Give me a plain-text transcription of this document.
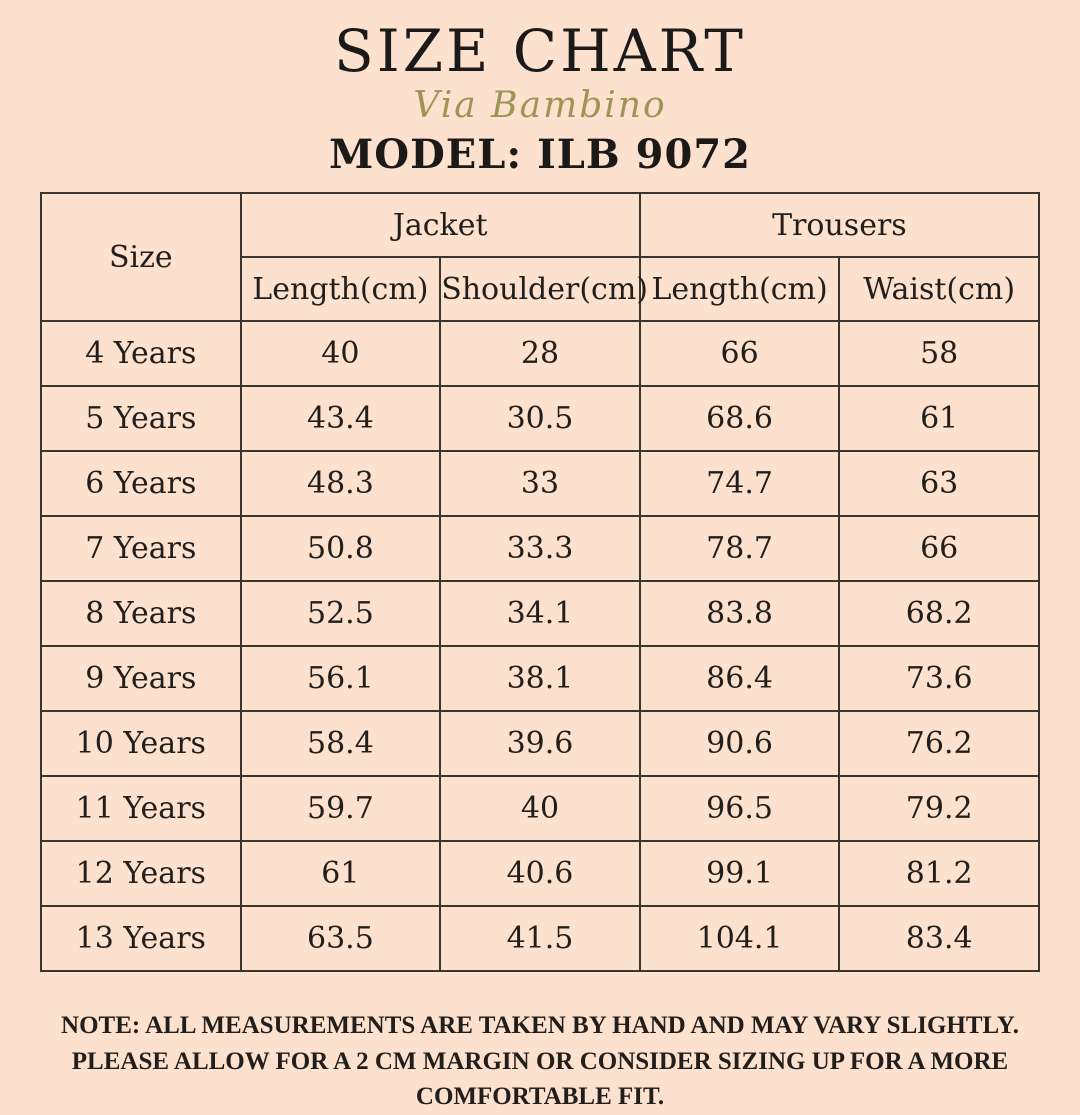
SIZE CHART
Via Bambino
MODEL: ILB 9072
Size	Jacket		Trousers	
	Length(cm)	Shoulder(cm)	Length(cm)	Waist(cm)
4 Years	40	28	66	58
5 Years	43.4	30.5	68.6	61
6 Years	48.3	33	74.7	63
7 Years	50.8	33.3	78.7	66
8 Years	52.5	34.1	83.8	68.2
9 Years	56.1	38.1	86.4	73.6
10 Years	58.4	39.6	90.6	76.2
11 Years	59.7	40	96.5	79.2
12 Years	61	40.6	99.1	81.2
13 Years	63.5	41.5	104.1	83.4
NOTE: ALL MEASUREMENTS ARE TAKEN BY HAND AND MAY VARY SLIGHTLY. PLEASE ALLOW FOR A 2 CM MARGIN OR CONSIDER SIZING UP FOR A MORE COMFORTABLE FIT.
